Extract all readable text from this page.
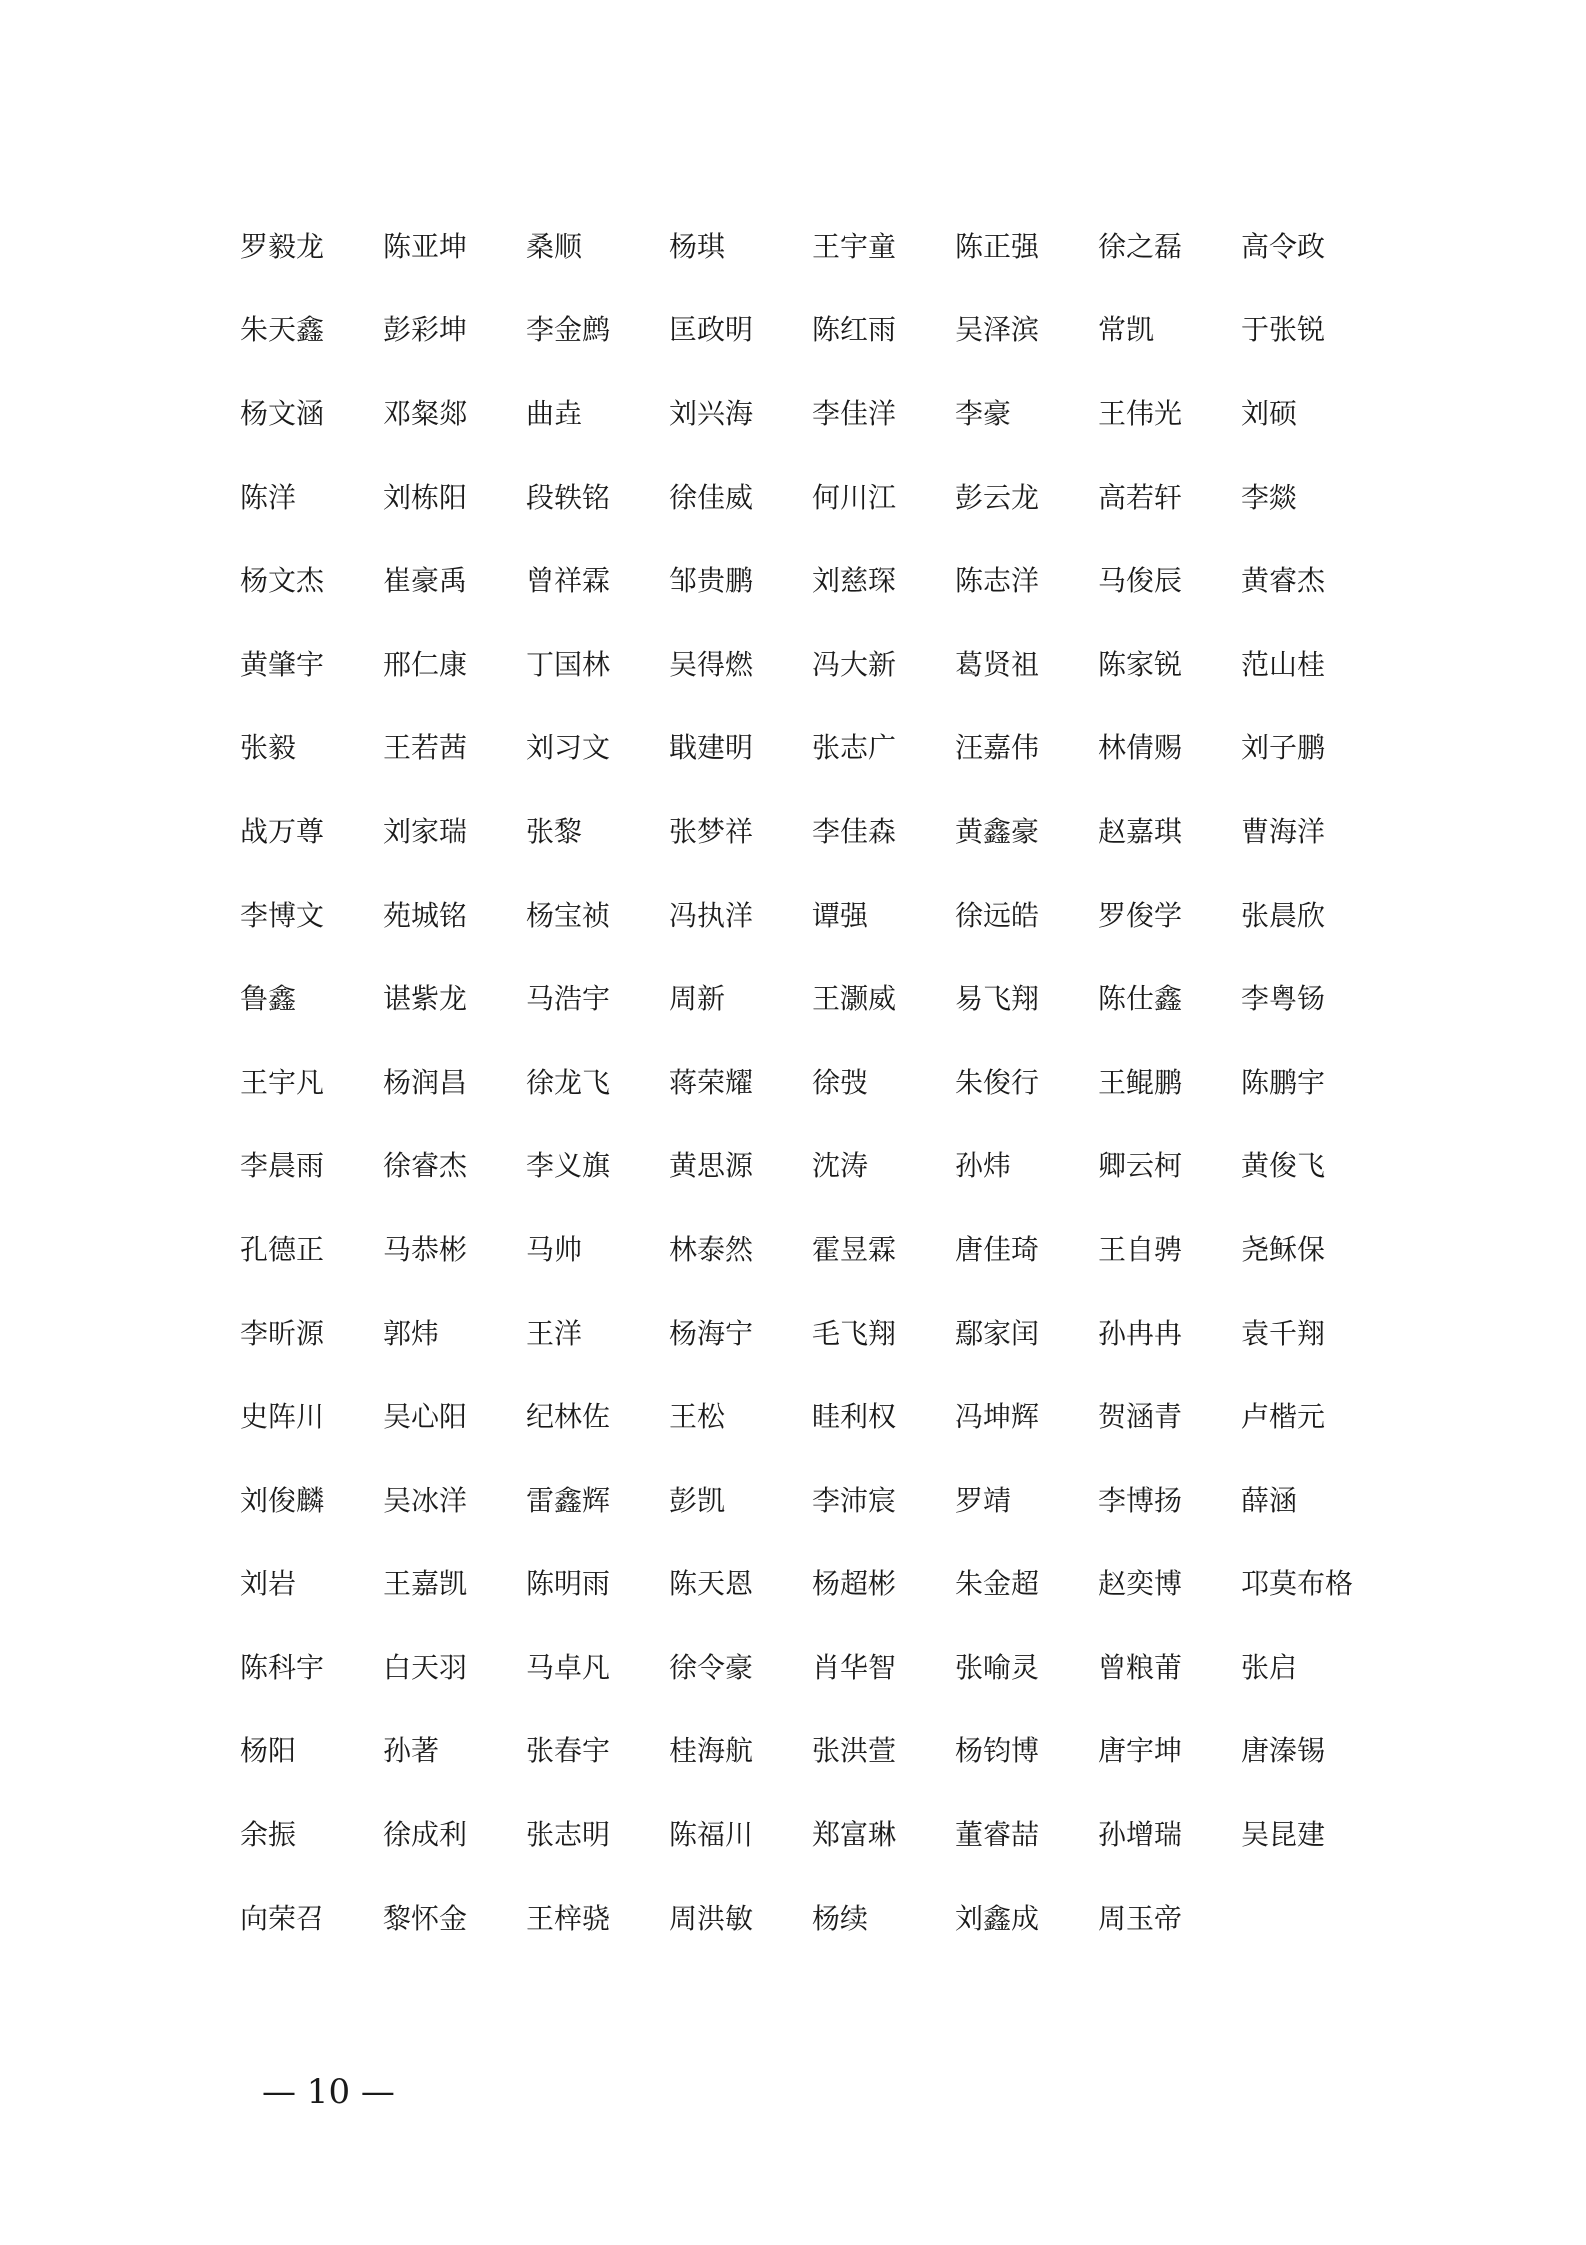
罗毅龙	陈亚坤	桑顺	杨琪	王宇童	陈正强	徐之磊	高令政
朱天鑫	彭彩坤	李金鹧	匡政明	陈红雨	吴泽滨	常凯	于张锐
杨文涵	邓粲郯	曲垚	刘兴海	李佳洋	李豪	王伟光	刘硕
陈洋	刘栋阳	段轶铭	徐佳威	何川江	彭云龙	高若轩	李燚
杨文杰	崔豪禹	曾祥霖	邹贵鹏	刘慈琛	陈志洋	马俊辰	黄睿杰
黄肇宇	邢仁康	丁国林	吴得燃	冯大新	葛贤祖	陈家锐	范山桂
张毅	王若茜	刘习文	戢建明	张志广	汪嘉伟	林倩赐	刘子鹏
战万尊	刘家瑞	张黎	张梦祥	李佳森	黄鑫豪	赵嘉琪	曹海洋
李博文	苑城铭	杨宝祯	冯执洋	谭强	徐远皓	罗俊学	张晨欣
鲁鑫	谌紫龙	马浩宇	周新	王灏威	易飞翔	陈仕鑫	李粤钖
王宇凡	杨润昌	徐龙飞	蒋荣耀	徐弢	朱俊行	王鲲鹏	陈鹏宇
李晨雨	徐睿杰	李义旗	黄思源	沈涛	孙炜	卿云柯	黄俊飞
孔德正	马恭彬	马帅	林泰然	霍昱霖	唐佳琦	王自骋	尧稣保
李昕源	郭炜	王洋	杨海宁	毛飞翔	鄢家闰	孙冉冉	袁千翔
史阵川	吴心阳	纪林佐	王松	眭利权	冯坤辉	贺涵青	卢楷元
刘俊麟	吴冰洋	雷鑫辉	彭凯	李沛宸	罗靖	李博扬	薛涵
刘岩	王嘉凯	陈明雨	陈天恩	杨超彬	朱金超	赵奕博	邛莫布格
陈科宇	白天羽	马卓凡	徐令豪	肖华智	张喻灵	曾粮莆	张启
杨阳	孙著	张春宇	桂海航	张洪萱	杨钧博	唐宇坤	唐溱锡
余振	徐成利	张志明	陈福川	郑富琳	董睿喆	孙增瑞	吴昆建
向荣召	黎怀金	王梓骁	周洪敏	杨续	刘鑫成	周玉帝
— 10 —
